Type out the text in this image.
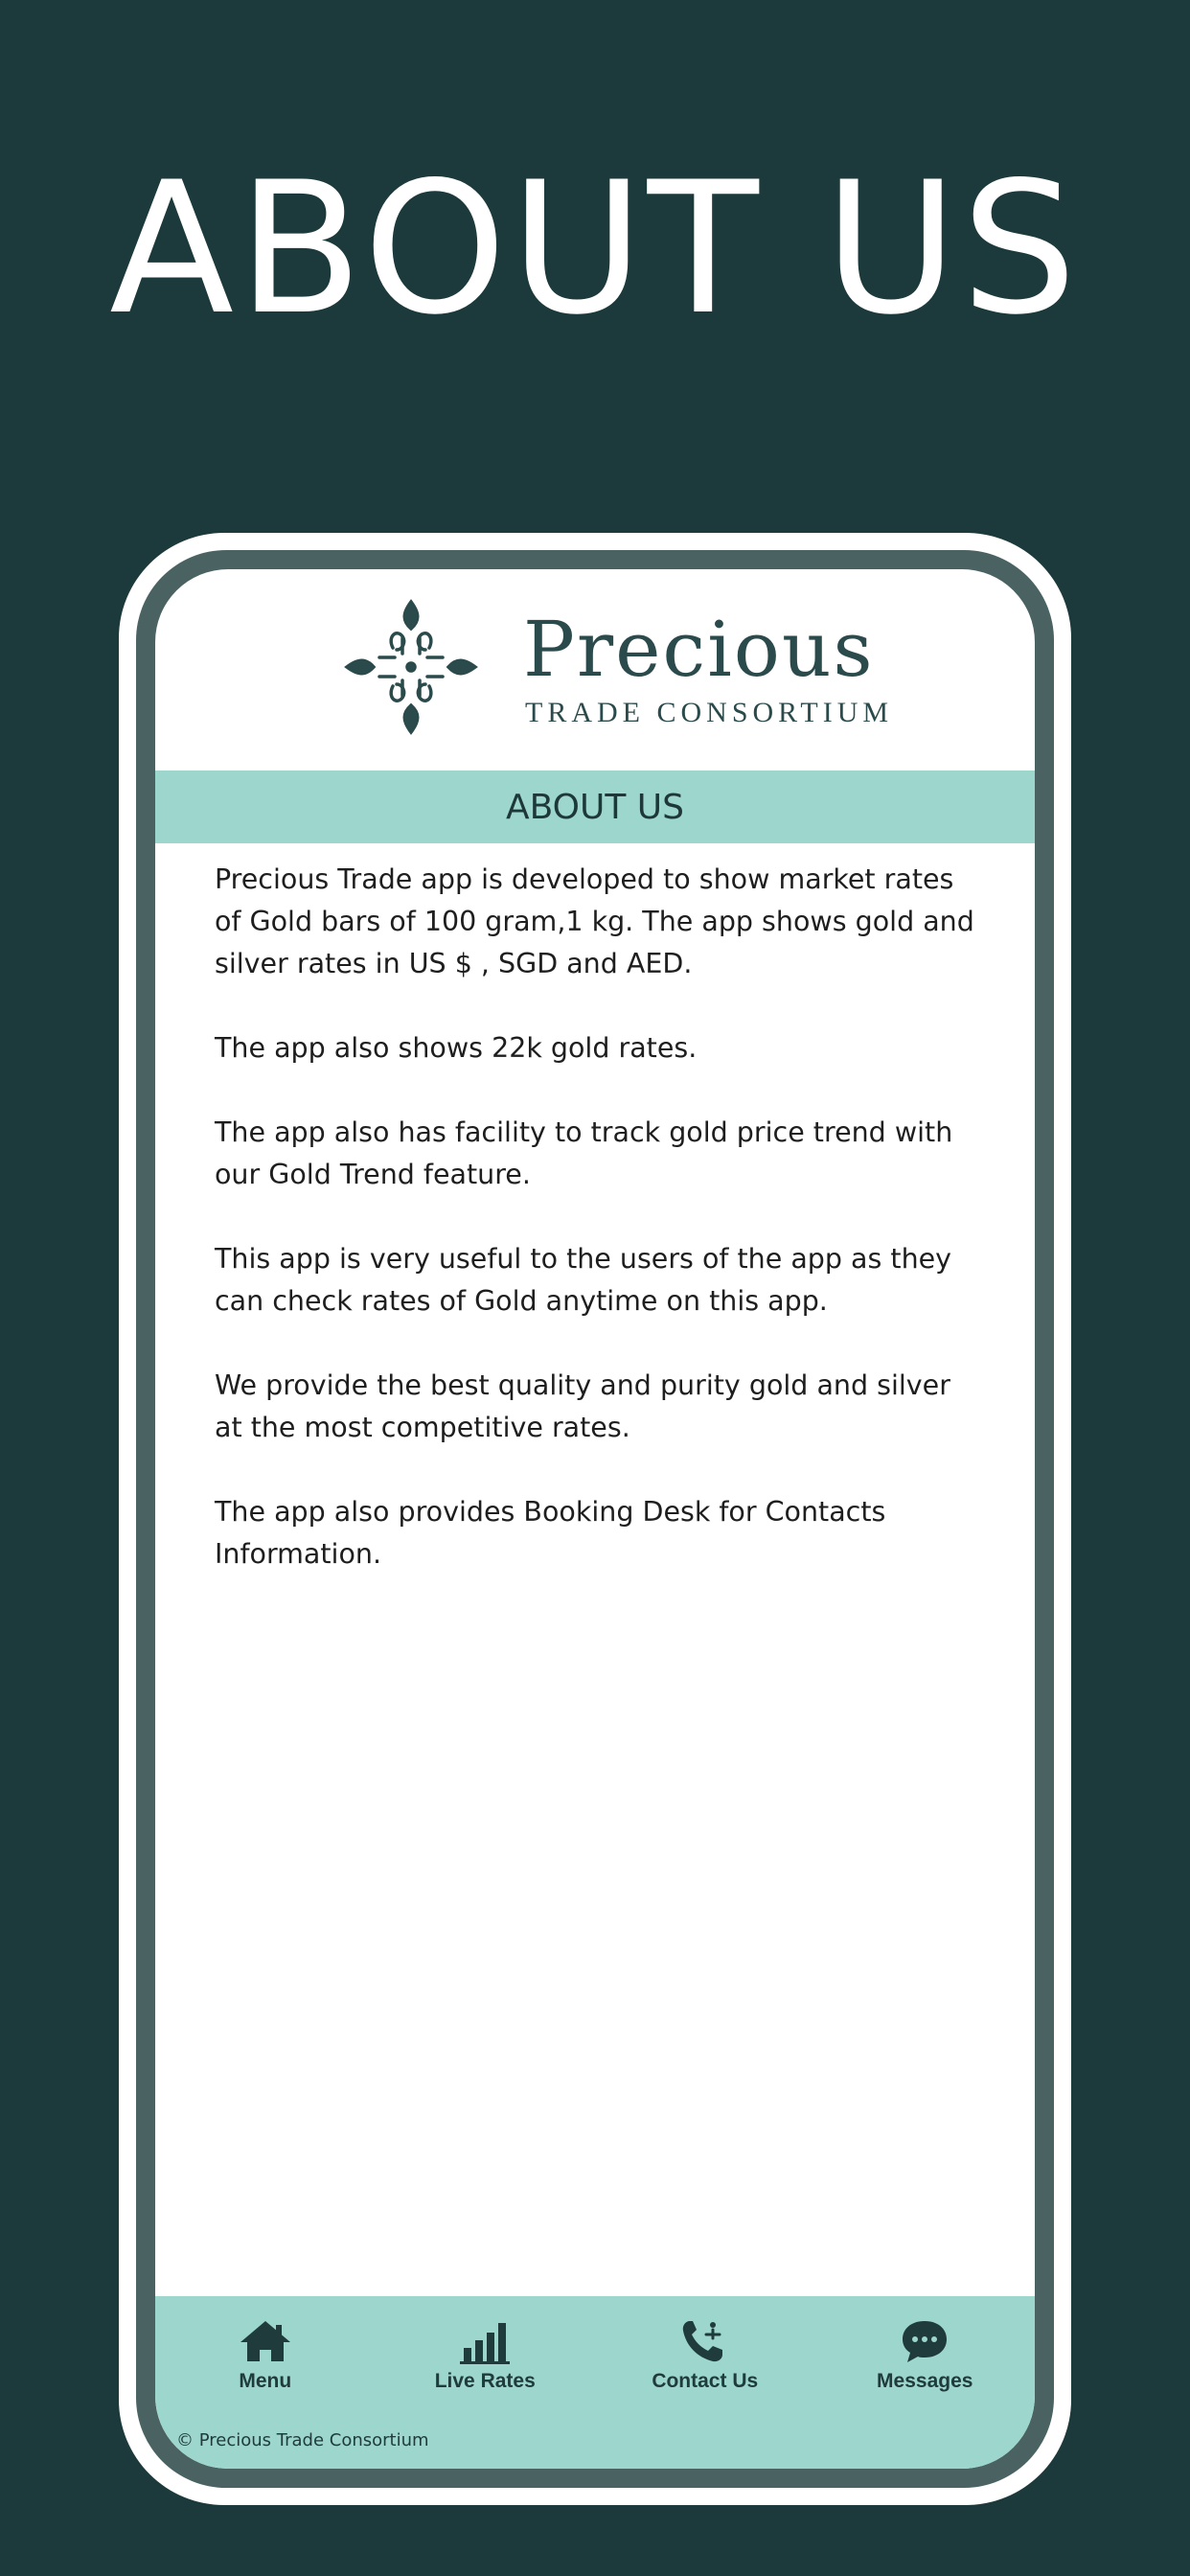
ABOUT US
Precious
TRADE CONSORTIUM
ABOUT US

Precious Trade app is developed to show market rates of Gold bars of 100 gram,1 kg. The app shows gold and silver rates in US $ , SGD and AED.

The app also shows 22k gold rates.

The app also has facility to track gold price trend with our Gold Trend feature.

This app is very useful to the users of the app as they can check rates of Gold anytime on this app.

We provide the best quality and purity gold and silver at the most competitive rates.

The app also provides Booking Desk for Contacts Information.

Menu	Live Rates	Contact Us	Messages
© Precious Trade Consortium
